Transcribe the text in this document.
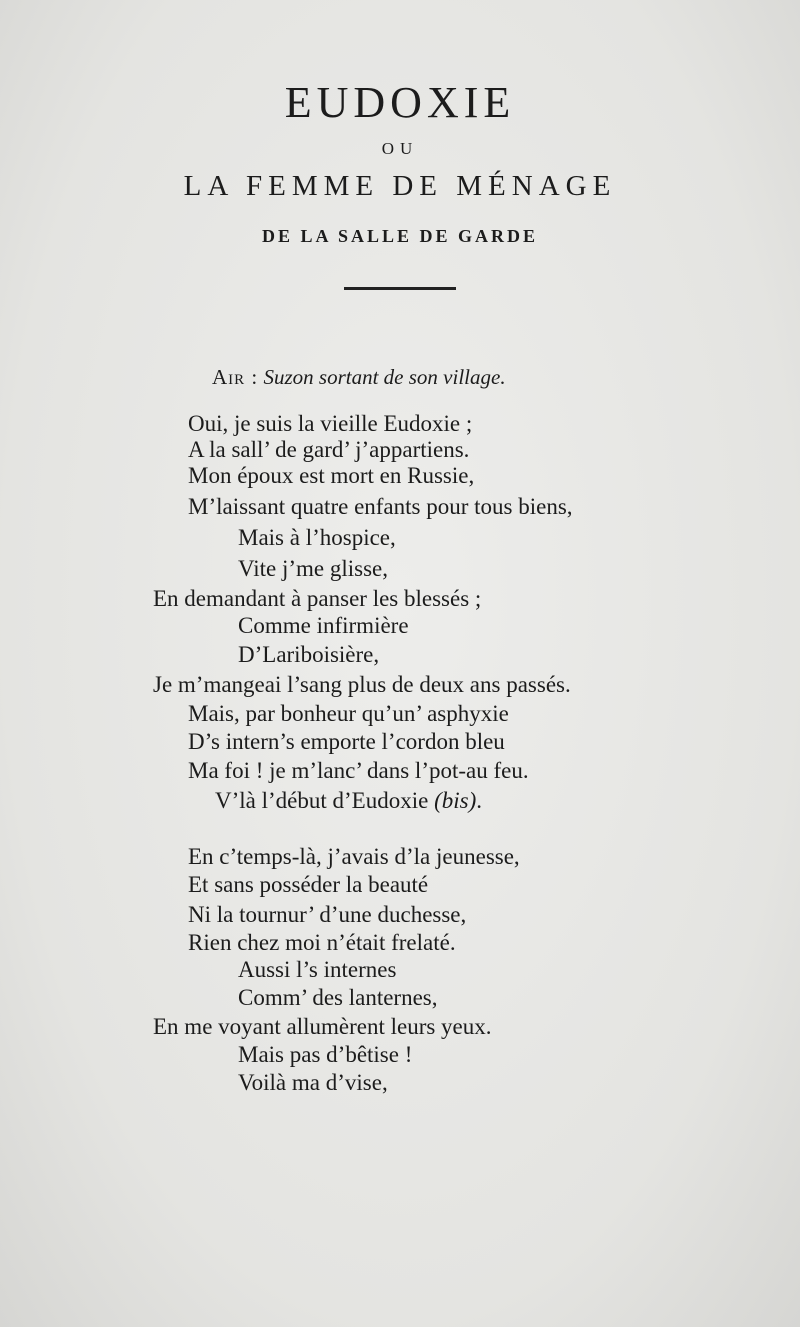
EUDOXIE
OU
LA FEMME DE MÉNAGE
DE LA SALLE DE GARDE
Air : Suzon sortant de son village.
Oui, je suis la vieille Eudoxie ;
A la sall’ de gard’ j’appartiens.
Mon époux est mort en Russie,
M’laissant quatre enfants pour tous biens,
Mais à l’hospice,
Vite j’me glisse,
En demandant à panser les blessés ;
Comme infirmière
D’Lariboisière,
Je m’mangeai l’sang plus de deux ans passés.
Mais, par bonheur qu’un’ asphyxie
D’s intern’s emporte l’cordon bleu
Ma foi ! je m’lanc’ dans l’pot-au feu.
V’là l’début d’Eudoxie (bis).
En c’temps-là, j’avais d’la jeunesse,
Et sans posséder la beauté
Ni la tournur’ d’une duchesse,
Rien chez moi n’était frelaté.
Aussi l’s internes
Comm’ des lanternes,
En me voyant allumèrent leurs yeux.
Mais pas d’bêtise !
Voilà ma d’vise,
